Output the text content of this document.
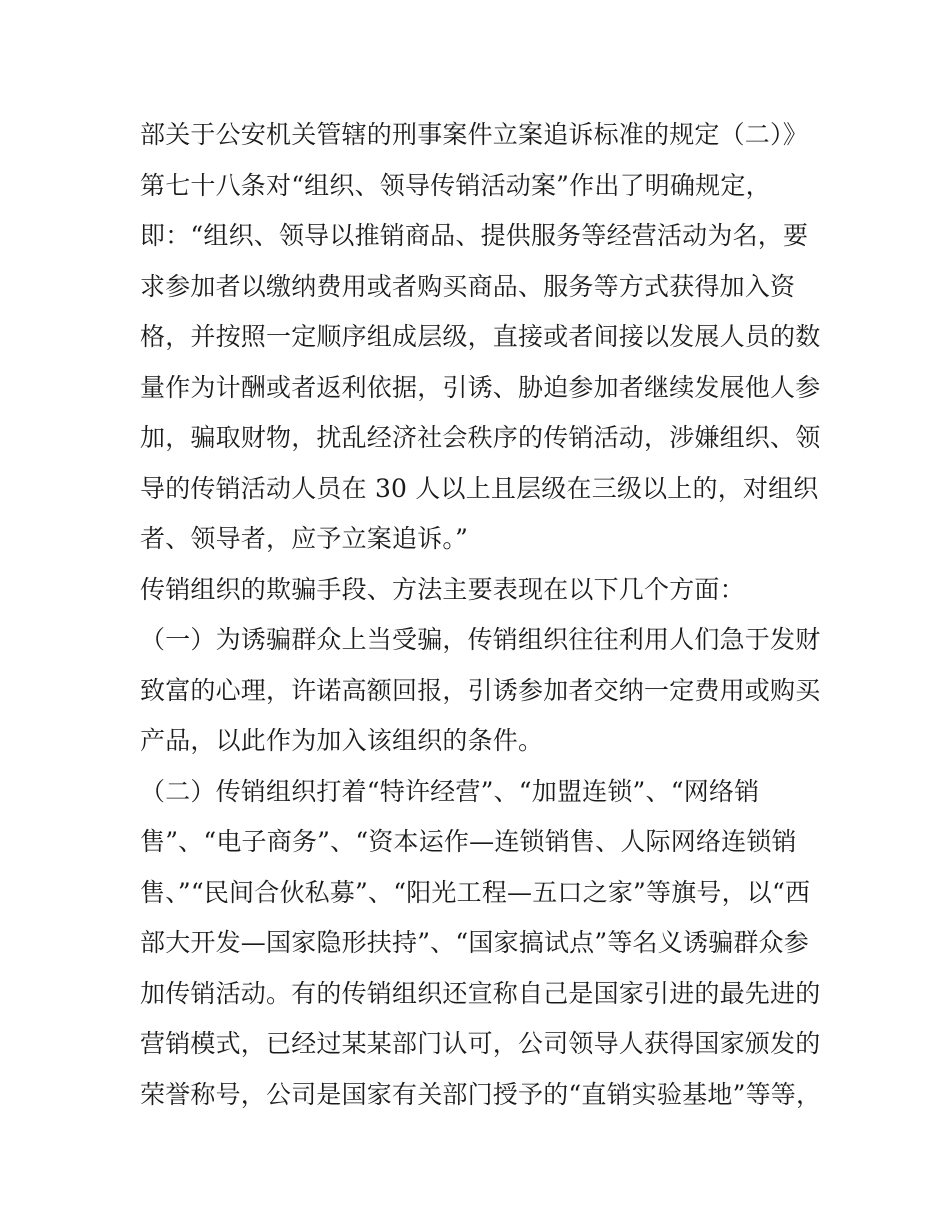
部关于公安机关管辖的刑事案件立案追诉标准的规定（二）》
第七十八条对“组织、领导传销活动案”作出了明确规定，
即：“组织、领导以推销商品、提供服务等经营活动为名，要
求参加者以缴纳费用或者购买商品、服务等方式获得加入资
格，并按照一定顺序组成层级，直接或者间接以发展人员的数
量作为计酬或者返利依据，引诱、胁迫参加者继续发展他人参
加，骗取财物，扰乱经济社会秩序的传销活动，涉嫌组织、领
导的传销活动人员在 30 人以上且层级在三级以上的，对组织
者、领导者，应予立案追诉。”
传销组织的欺骗手段、方法主要表现在以下几个方面：
（一）为诱骗群众上当受骗，传销组织往往利用人们急于发财
致富的心理，许诺高额回报，引诱参加者交纳一定费用或购买
产品，以此作为加入该组织的条件。
（二）传销组织打着“特许经营”、“加盟连锁”、“网络销
售”、“电子商务”、“资本运作—连锁销售、人际网络连锁销
售、”“民间合伙私募”、“阳光工程—五口之家”等旗号，以“西
部大开发—国家隐形扶持”、“国家搞试点”等名义诱骗群众参
加传销活动。有的传销组织还宣称自己是国家引进的最先进的
营销模式，已经过某某部门认可，公司领导人获得国家颁发的
荣誉称号，公司是国家有关部门授予的“直销实验基地”等等，
